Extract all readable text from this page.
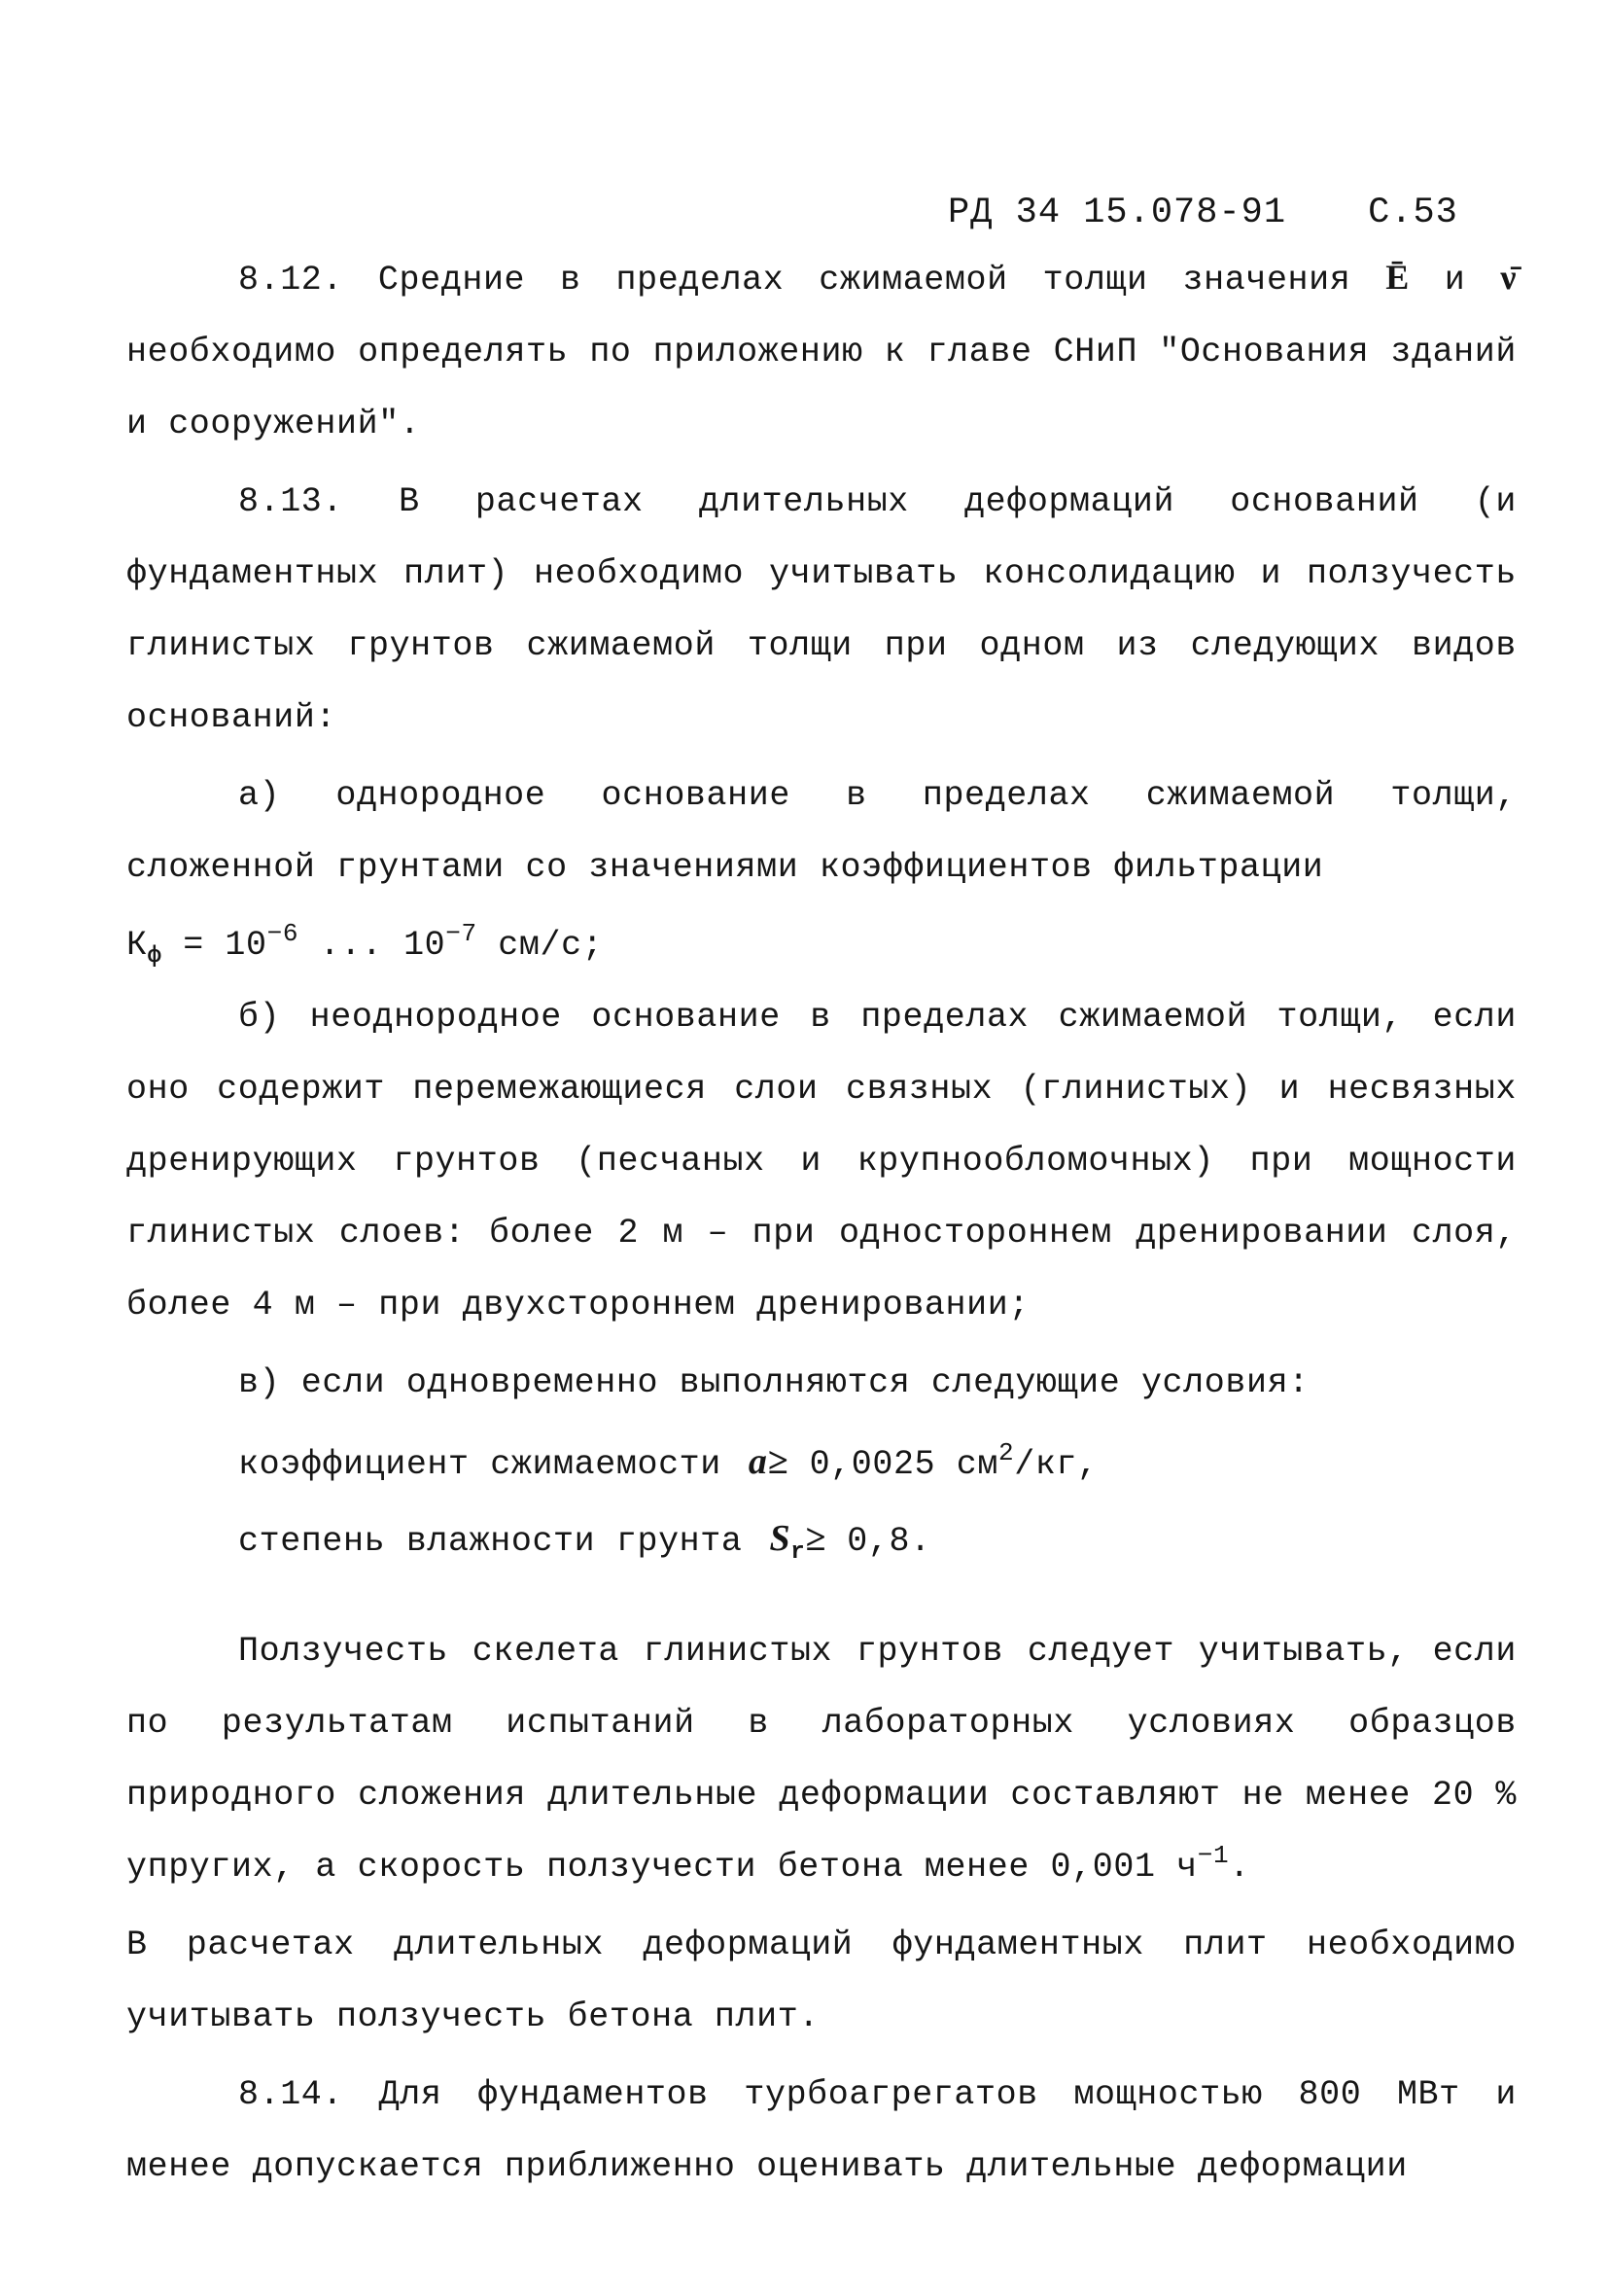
РД 34 15.078-91 С.53

8.12. Средние в пределах сжимаемой толщи значения Ē и ν̄ необходимо определять по приложению к главе СНиП "Основания зданий и сооружений".

8.13. В расчетах длительных деформаций оснований (и фундаментных плит) необходимо учитывать консолидацию и ползучесть глинистых грунтов сжимаемой толщи при одном из следующих видов оснований:

а) однородное основание в пределах сжимаемой толщи, сложенной грунтами со значениями коэффициентов фильтрации

$К_ф = 10^{-6}$ ... $10^{-7}$ см/с;

б) неоднородное основание в пределах сжимаемой толщи, если оно содержит перемежающиеся слои связных (глинистых) и несвязных дренирующих грунтов (песчаных и крупнообломочных) при мощности глинистых слоев: более 2 м – при одностороннем дренировании слоя, более 4 м – при двухстороннем дренировании;

в) если одновременно выполняются следующие условия:

коэффициент сжимаемости a≥ 0,0025 $см^2/кг$,
степень влажности грунта $S_r\ge 0,8$.

Ползучесть скелета глинистых грунтов следует учитывать, если по результатам испытаний в лабораторных условиях образцов природного сложения длительные деформации составляют не менее 20 % упругих, а скорость ползучести бетона менее 0,001 $ч^{-1}$.

В расчетах длительных деформаций фундаментных плит необходимо учитывать ползучесть бетона плит.

8.14. Для фундаментов турбоагрегатов мощностью 800 МВт и менее допускается приближенно оценивать длительные деформации
